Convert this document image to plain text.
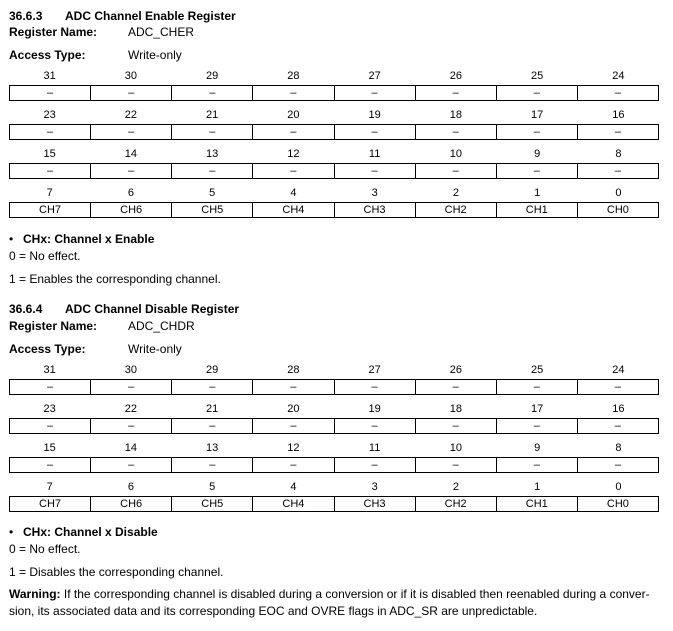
36.6.3 ADC Channel Enable Register
Register Name:	ADC_CHER
Access Type:	Write-only
31	30	29	28	27	26	25	24
–	–	–	–	–	–	–	–
23	22	21	20	19	18	17	16
–	–	–	–	–	–	–	–
15	14	13	12	11	10	9	8
–	–	–	–	–	–	–	–
7	6	5	4	3	2	1	0
CH7	CH6	CH5	CH4	CH3	CH2	CH1	CH0
• CHx: Channel x Enable
0 = No effect.
1 = Enables the corresponding channel.
36.6.4 ADC Channel Disable Register
Register Name:	ADC_CHDR
Access Type:	Write-only
31	30	29	28	27	26	25	24
–	–	–	–	–	–	–	–
23	22	21	20	19	18	17	16
–	–	–	–	–	–	–	–
15	14	13	12	11	10	9	8
–	–	–	–	–	–	–	–
7	6	5	4	3	2	1	0
CH7	CH6	CH5	CH4	CH3	CH2	CH1	CH0
• CHx: Channel x Disable
0 = No effect.
1 = Disables the corresponding channel.
Warning: If the corresponding channel is disabled during a conversion or if it is disabled then reenabled during a conver-sion, its associated data and its corresponding EOC and OVRE flags in ADC_SR are unpredictable.
